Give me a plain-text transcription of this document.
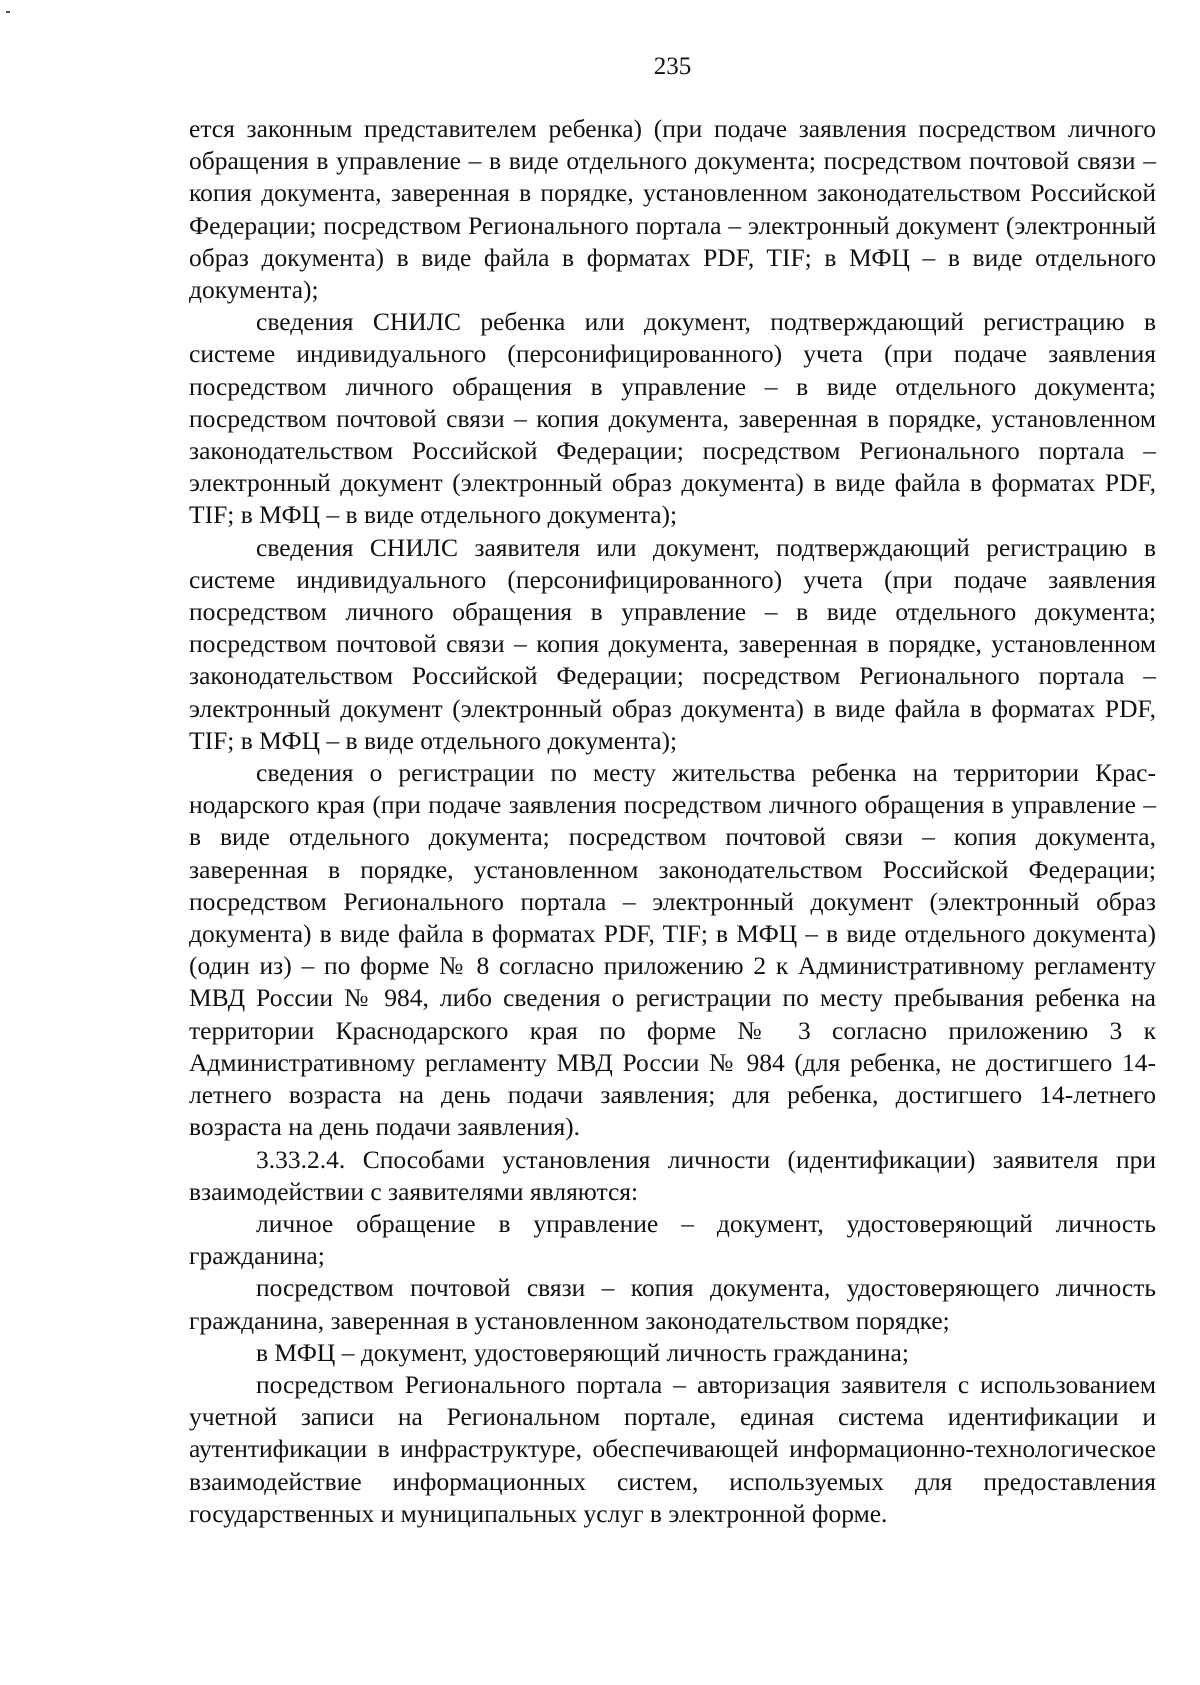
235

ется законным представителем ребенка) (при подаче заявления посредством личного обращения в управление – в виде отдельного документа; посредством почтовой связи – копия документа, заверенная в порядке, установленном законодательством Российской Федерации; посредством Регионального портала – электронный документ (электронный образ документа) в виде файла в форматах PDF, TIF; в МФЦ – в виде отдельного документа);

сведения СНИЛС ребенка или документ, подтверждающий регистрацию в системе индивидуального (персонифицированного) учета (при подаче заявления посредством личного обращения в управление – в виде отдельного документа; посредством почтовой связи – копия документа, заверенная в порядке, установленном законодательством Российской Федерации; посредством Регионального портала – электронный документ (электронный образ документа) в виде файла в форматах PDF, TIF; в МФЦ – в виде отдельного документа);

сведения СНИЛС заявителя или документ, подтверждающий регистрацию в системе индивидуального (персонифицированного) учета (при подаче заявления посредством личного обращения в управление – в виде отдельного документа; посредством почтовой связи – копия документа, заверенная в порядке, установленном законодательством Российской Федерации; посредством Регионального портала – электронный документ (электронный образ документа) в виде файла в форматах PDF, TIF; в МФЦ – в виде отдельного документа);

сведения о регистрации по месту жительства ребенка на территории Краснодарского края (при подаче заявления посредством личного обращения в управление – в виде отдельного документа; посредством почтовой связи – копия документа, заверенная в порядке, установленном законодательством Российской Федерации; посредством Регионального портала – электронный документ (электронный образ документа) в виде файла в форматах PDF, TIF; в МФЦ – в виде отдельного документа) (один из) – по форме № 8 согласно приложению 2 к Административному регламенту МВД России № 984, либо сведения о регистрации по месту пребывания ребенка на территории Краснодарского края по форме № 3 согласно приложению 3 к Административному регламенту МВД России № 984 (для ребенка, не достигшего 14-летнего возраста на день подачи заявления; для ребенка, достигшего 14-летнего возраста на день подачи заявления).

3.33.2.4. Способами установления личности (идентификации) заявителя при взаимодействии с заявителями являются:

личное обращение в управление – документ, удостоверяющий личность гражданина;

посредством почтовой связи – копия документа, удостоверяющего личность гражданина, заверенная в установленном законодательством порядке;

в МФЦ – документ, удостоверяющий личность гражданина;

посредством Регионального портала – авторизация заявителя с использованием учетной записи на Региональном портале, единая система идентификации и аутентификации в инфраструктуре, обеспечивающей информационно-технологическое взаимодействие информационных систем, используемых для предоставления государственных и муниципальных услуг в электронной форме.
